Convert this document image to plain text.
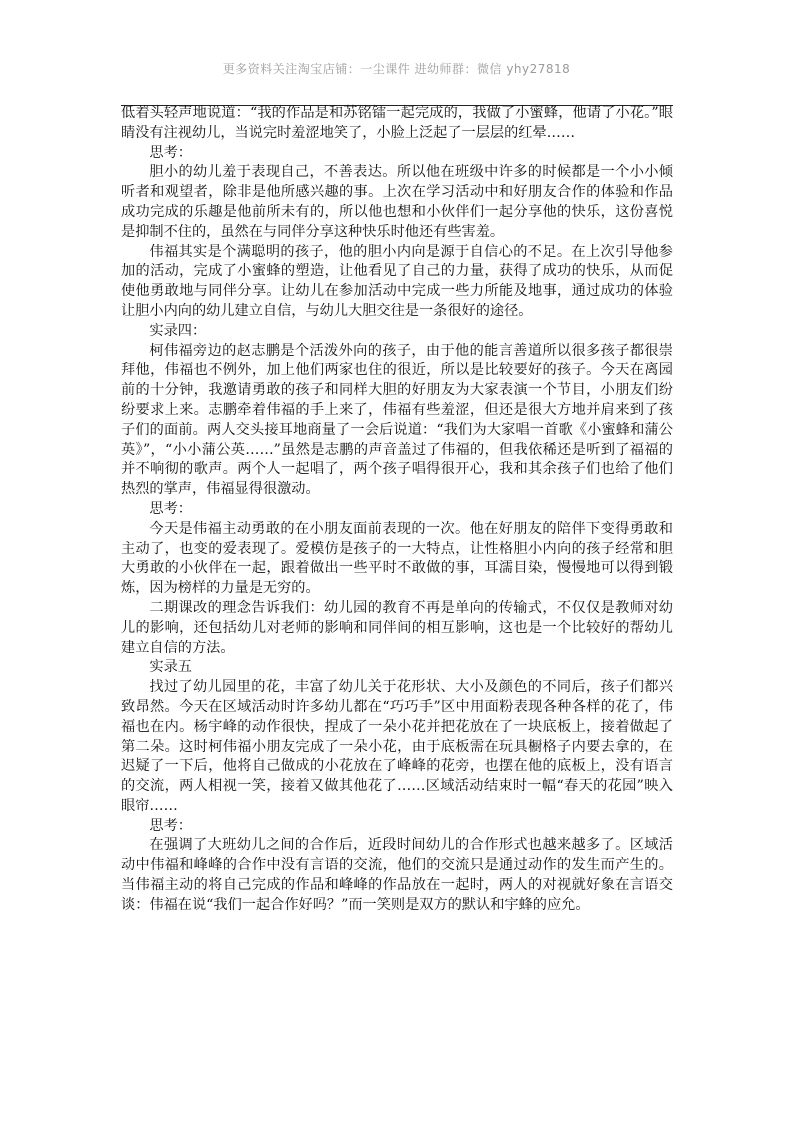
更多资料关注淘宝店铺：一尘课件 进幼师群：微信 yhy27818

低着头轻声地说道：“我的作品是和苏铭镭一起完成的，我做了小蜜蜂，他请了小花。”眼睛没有注视幼儿，当说完时羞涩地笑了，小脸上泛起了一层层的红晕……

思考：

胆小的幼儿羞于表现自己，不善表达。所以他在班级中许多的时候都是一个小小倾听者和观望者，除非是他所感兴趣的事。上次在学习活动中和好朋友合作的体验和作品成功完成的乐趣是他前所未有的，所以他也想和小伙伴们一起分享他的快乐，这份喜悦是抑制不住的，虽然在与同伴分享这种快乐时他还有些害羞。

伟福其实是个满聪明的孩子，他的胆小内向是源于自信心的不足。在上次引导他参加的活动，完成了小蜜蜂的塑造，让他看见了自己的力量，获得了成功的快乐，从而促使他勇敢地与同伴分享。让幼儿在参加活动中完成一些力所能及地事，通过成功的体验让胆小内向的幼儿建立自信，与幼儿大胆交往是一条很好的途径。

实录四：

柯伟福旁边的赵志鹏是个活泼外向的孩子，由于他的能言善道所以很多孩子都很崇拜他，伟福也不例外，加上他们两家也住的很近，所以是比较要好的孩子。今天在离园前的十分钟，我邀请勇敢的孩子和同样大胆的好朋友为大家表演一个节目，小朋友们纷纷要求上来。志鹏牵着伟福的手上来了，伟福有些羞涩，但还是很大方地并肩来到了孩子们的面前。两人交头接耳地商量了一会后说道：“我们为大家唱一首歌《小蜜蜂和蒲公英》”，“小小蒲公英……”虽然是志鹏的声音盖过了伟福的，但我依稀还是听到了福福的并不响彻的歌声。两个人一起唱了，两个孩子唱得很开心，我和其余孩子们也给了他们热烈的掌声，伟福显得很激动。

思考：

今天是伟福主动勇敢的在小朋友面前表现的一次。他在好朋友的陪伴下变得勇敢和主动了，也变的爱表现了。爱模仿是孩子的一大特点，让性格胆小内向的孩子经常和胆大勇敢的小伙伴在一起，跟着做出一些平时不敢做的事，耳濡目染，慢慢地可以得到锻炼，因为榜样的力量是无穷的。

二期课改的理念告诉我们：幼儿园的教育不再是单向的传输式，不仅仅是教师对幼儿的影响，还包括幼儿对老师的影响和同伴间的相互影响，这也是一个比较好的帮幼儿建立自信的方法。

实录五

找过了幼儿园里的花，丰富了幼儿关于花形状、大小及颜色的不同后，孩子们都兴致昂然。今天在区域活动时许多幼儿都在“巧巧手”区中用面粉表现各种各样的花了，伟福也在内。杨宇峰的动作很快，捏成了一朵小花并把花放在了一块底板上，接着做起了第二朵。这时柯伟福小朋友完成了一朵小花，由于底板需在玩具橱格子内要去拿的，在迟疑了一下后，他将自己做成的小花放在了峰峰的花旁，也摆在他的底板上，没有语言的交流，两人相视一笑，接着又做其他花了……区域活动结束时一幅“春天的花园”映入眼帘……

思考：

在强调了大班幼儿之间的合作后，近段时间幼儿的合作形式也越来越多了。区域活动中伟福和峰峰的合作中没有言语的交流，他们的交流只是通过动作的发生而产生的。当伟福主动的将自己完成的作品和峰峰的作品放在一起时，两人的对视就好象在言语交谈：伟福在说“我们一起合作好吗？”而一笑则是双方的默认和宇蜂的应允。
